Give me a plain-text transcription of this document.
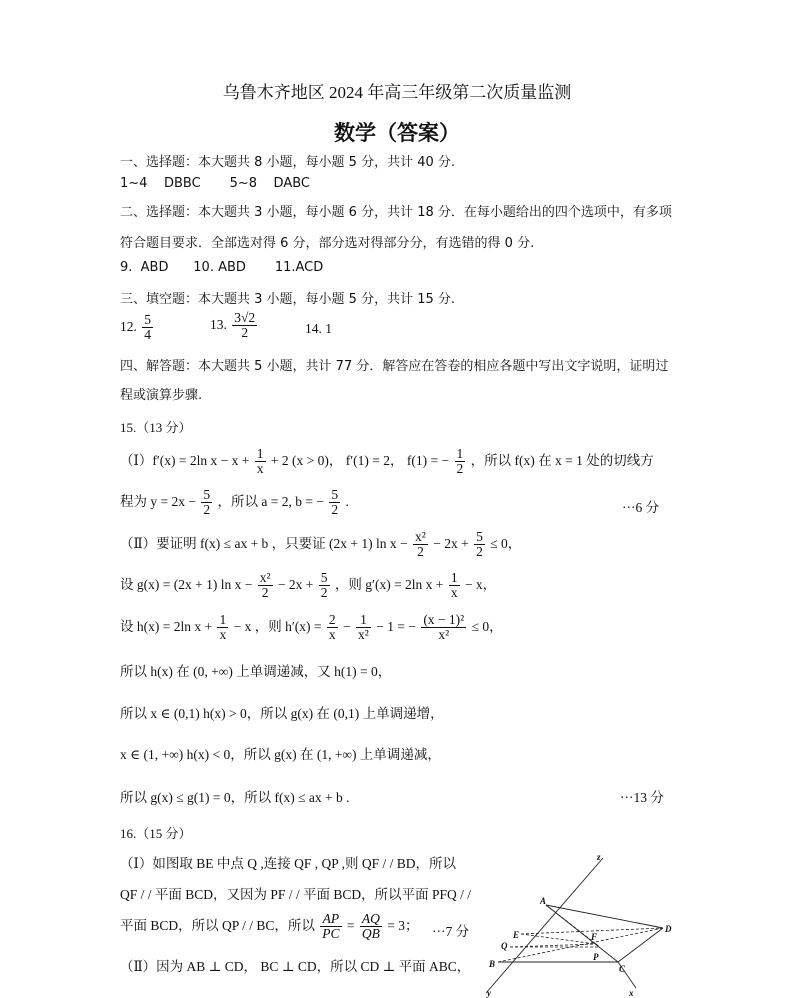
乌鲁木齐地区 2024 年高三年级第二次质量监测
数学（答案）
一、选择题：本大题共 8 小题，每小题 5 分，共计 40 分.
1~4    DBBC       5~8    DABC
二、选择题：本大题共 3 小题，每小题 6 分，共计 18 分．在每小题给出的四个选项中，有多项
符合题目要求．全部选对得 6 分，部分选对得部分分，有选错的得 0 分.
9.  ABD      10. ABD       11.ACD
三、填空题：本大题共 3 小题，每小题 5 分，共计 15 分.
12. $\frac{5}{4}$	13. $\frac{3√2}{2}$	14. 1
四、解答题：本大题共 5 小题，共计 77 分．解答应在答卷的相应各题中写出文字说明，证明过
程或演算步骤.
15.（13 分）
（Ⅰ）f′(x) = 2ln $x - x + \frac{1}{x} + 2$ (x > 0)， f′(1) = 2， f(1) = − $\frac{1}{2}$ ，所以 f(x) 在 x = 1 处的切线方
程为 $y = 2x - \frac{5}{2}$ ，所以 a = 2, b = − $\frac{5}{2}$ .	···6 分
（Ⅱ）要证明 f(x) ≤ ax + b ，只要证 (2x + 1) $\ln x - \frac{\text{x²}}{2} - 2x + \frac{5}{2} \le 0$，
设 g(x) = (2x + 1) $\ln x - \frac{\text{x²}}{2} - 2x + \frac{5}{2}$ ，则 g′(x) = 2ln $x + \frac{1}{x} - x$，
设 h(x) = 2ln $x + \frac{1}{x} - x$ ，则 $h'(x) = \frac{2}{x} - \frac{1}{\text{x²}} - 1$ = − $\frac{\text{(x − 1)²}}{\text{x²}} \le 0$，
所以 h(x) 在 (0, +∞) 上单调递减，又 h(1) = 0，
所以 x ∈ (0,1) h(x) > 0，所以 g(x) 在 (0,1) 上单调递增，
x ∈ (1, +∞) h(x) < 0，所以 g(x) 在 (1, +∞) 上单调递减，
所以 g(x) ≤ g(1) = 0，所以 f(x) ≤ ax + b .	···13 分
16.（15 分）
（Ⅰ）如图取 BE 中点 Q ,连接 QF , QP ,则 QF / / BD，所以
QF / / 平面 BCD，又因为 PF / / 平面 BCD，所以平面 PFQ / /
平面 BCD，所以 QP / / BC，所以 $\frac{AP}{PC} = \frac{AQ}{QB} = 3$； ···7 分
（Ⅱ）因为 AB ⊥ CD， BC ⊥ CD，所以 CD ⊥ 平面 ABC，
z
A
F
D
E
Q
B
P
C
x
y
